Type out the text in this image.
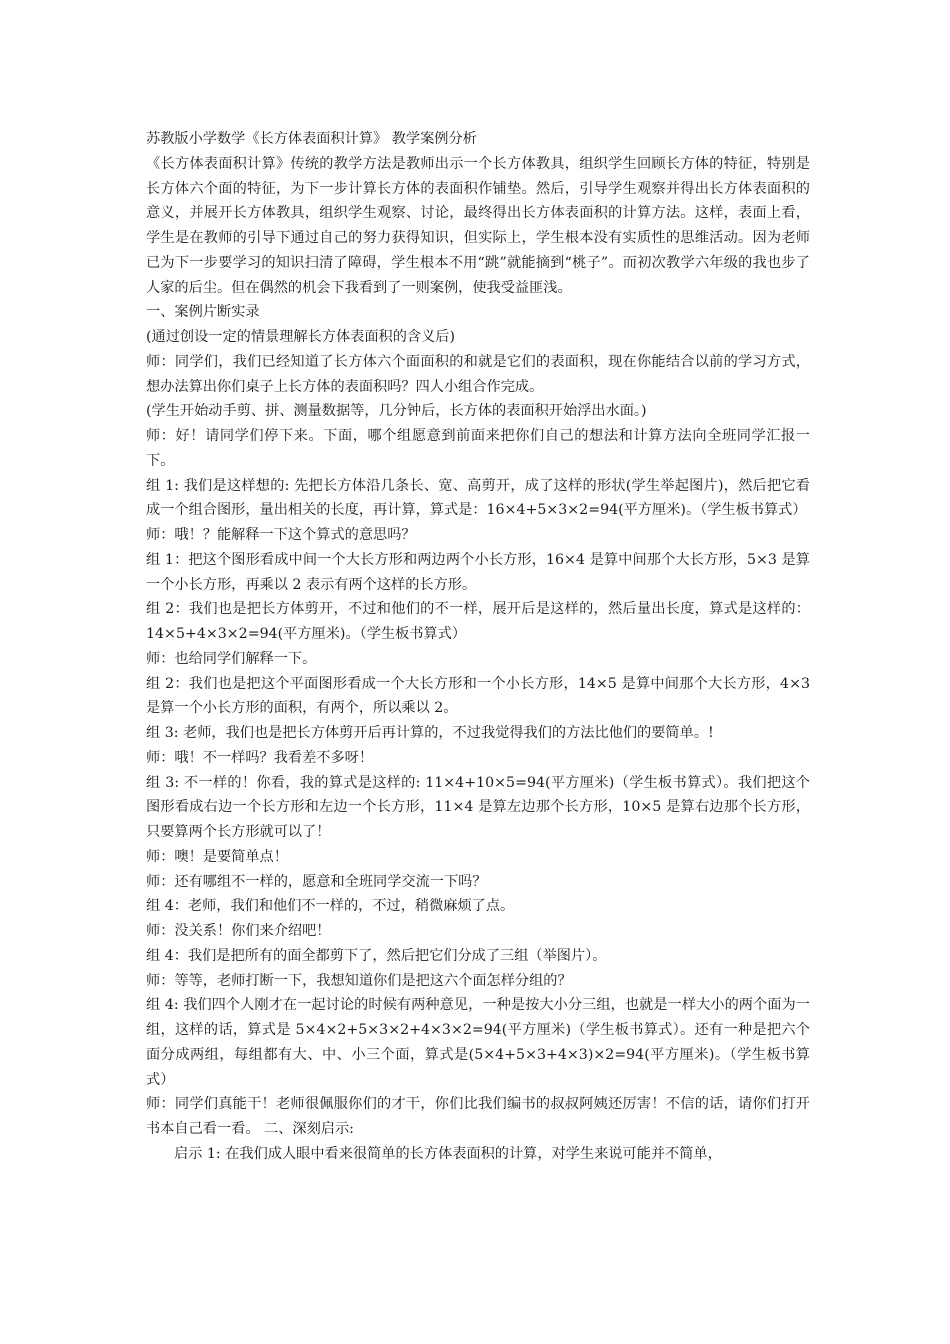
苏教版小学数学《长方体表面积计算》 教学案例分析

《长方体表面积计算》传统的教学方法是教师出示一个长方体教具，组织学生回顾长方体的特征，特别是长方体六个面的特征，为下一步计算长方体的表面积作铺垫。然后，引导学生观察并得出长方体表面积的意义，并展开长方体教具，组织学生观察、讨论，最终得出长方体表面积的计算方法。这样，表面上看，学生是在教师的引导下通过自己的努力获得知识，但实际上，学生根本没有实质性的思维活动。因为老师已为下一步要学习的知识扫清了障碍，学生根本不用“跳”就能摘到“桃子”。而初次教学六年级的我也步了人家的后尘。但在偶然的机会下我看到了一则案例，使我受益匪浅。

一、案例片断实录

(通过创设一定的情景理解长方体表面积的含义后)

师：同学们，我们已经知道了长方体六个面面积的和就是它们的表面积，现在你能结合以前的学习方式，想办法算出你们桌子上长方体的表面积吗？四人小组合作完成。

(学生开始动手剪、拼、测量数据等，几分钟后，长方体的表面积开始浮出水面。)

师：好！请同学们停下来。下面，哪个组愿意到前面来把你们自己的想法和计算方法向全班同学汇报一下。

组 1: 我们是这样想的: 先把长方体沿几条长、宽、高剪开，成了这样的形状(学生举起图片)，然后把它看成一个组合图形，量出相关的长度，再计算，算式是：16×4+5×3×2=94(平方厘米)。（学生板书算式）

师：哦！？能解释一下这个算式的意思吗？

组 1：把这个图形看成中间一个大长方形和两边两个小长方形，16×4 是算中间那个大长方形，5×3 是算一个小长方形，再乘以 2 表示有两个这样的长方形。

组 2：我们也是把长方体剪开，不过和他们的不一样，展开后是这样的，然后量出长度，算式是这样的：14×5+4×3×2=94(平方厘米)。（学生板书算式）

师：也给同学们解释一下。

组 2：我们也是把这个平面图形看成一个大长方形和一个小长方形，14×5 是算中间那个大长方形，4×3 是算一个小长方形的面积，有两个，所以乘以 2。

组 3: 老师，我们也是把长方体剪开后再计算的，不过我觉得我们的方法比他们的要简单。!

师：哦！不一样吗？我看差不多呀！

组 3: 不一样的！你看，我的算式是这样的: 11×4+10×5=94(平方厘米)（学生板书算式）。我们把这个图形看成右边一个长方形和左边一个长方形，11×4 是算左边那个长方形，10×5 是算右边那个长方形，只要算两个长方形就可以了！

师：噢！是要简单点！

师：还有哪组不一样的，愿意和全班同学交流一下吗？

组 4：老师，我们和他们不一样的，不过，稍微麻烦了点。

师：没关系！你们来介绍吧！

组 4：我们是把所有的面全都剪下了，然后把它们分成了三组（举图片）。

师：等等，老师打断一下，我想知道你们是把这六个面怎样分组的？

组 4: 我们四个人刚才在一起讨论的时候有两种意见，一种是按大小分三组，也就是一样大小的两个面为一组，这样的话，算式是 5×4×2+5×3×2+4×3×2=94(平方厘米)（学生板书算式）。还有一种是把六个面分成两组，每组都有大、中、小三个面，算式是(5×4+5×3+4×3)×2=94(平方厘米)。（学生板书算式）

师：同学们真能干！老师很佩服你们的才干，你们比我们编书的叔叔阿姨还厉害！不信的话，请你们打开书本自己看一看。 二、深刻启示:

启示 1: 在我们成人眼中看来很简单的长方体表面积的计算，对学生来说可能并不简单，
